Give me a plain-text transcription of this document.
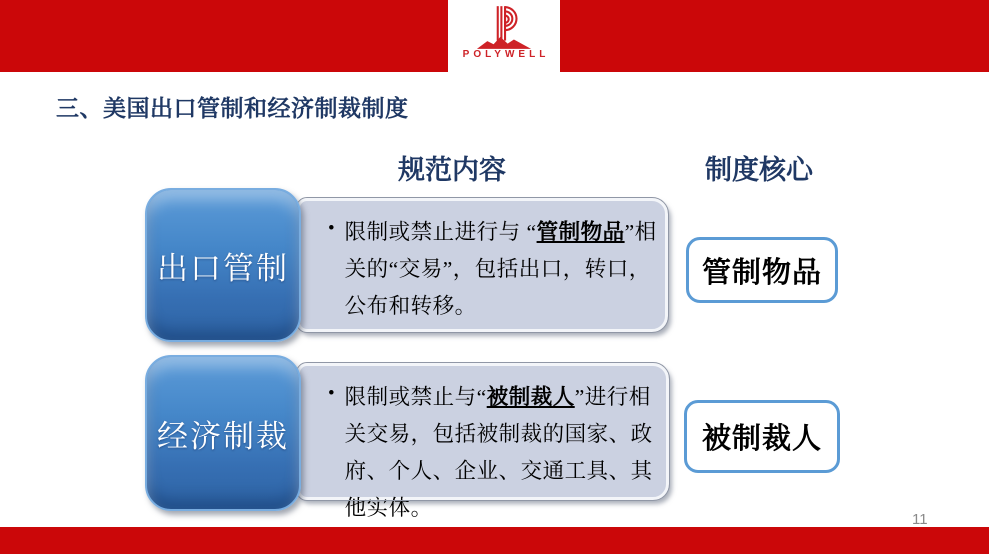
POLYWELL
三、美国出口管制和经济制裁制度
规范内容	制度核心
出口管制
• 限制或禁止进行与 “管制物品”相关的“交易”，包括出口，转口，公布和转移。
管制物品
经济制裁
• 限制或禁止与“被制裁人”进行相关交易，包括被制裁的国家、政府、个人、企业、交通工具、其他实体。
被制裁人
11
